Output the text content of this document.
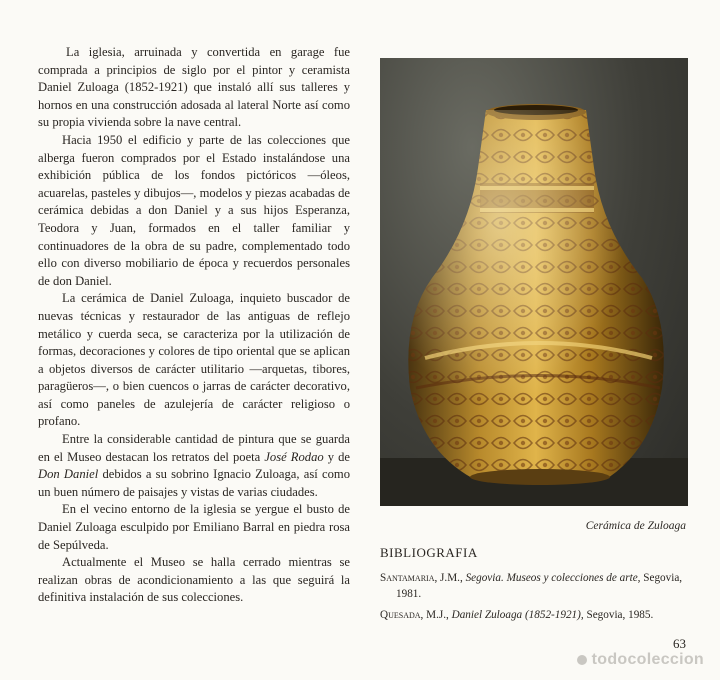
La iglesia, arruinada y convertida en garage fue comprada a principios de siglo por el pintor y ceramista Daniel Zuloaga (1852-1921) que instaló allí sus talleres y hornos en una construcción adosada al lateral Norte así como su propia vivienda sobre la nave central.

Hacia 1950 el edificio y parte de las colecciones que alberga fueron comprados por el Estado instalándose una exhibición pública de los fondos pictóricos —óleos, acuarelas, pasteles y dibujos—, modelos y piezas acabadas de cerámica debidas a don Daniel y a sus hijos Esperanza, Teodora y Juan, formados en el taller familiar y continuadores de la obra de su padre, complementado todo ello con diverso mobiliario de época y recuerdos personales de don Daniel.

La cerámica de Daniel Zuloaga, inquieto buscador de nuevas técnicas y restaurador de las antiguas de reflejo metálico y cuerda seca, se caracteriza por la utilización de formas, decoraciones y colores de tipo oriental que se aplican a objetos diversos de carácter utilitario —arquetas, tibores, paragüeros—, o bien cuencos o jarras de carácter decorativo, así como paneles de azulejería de carácter religioso o profano.

Entre la considerable cantidad de pintura que se guarda en el Museo destacan los retratos del poeta José Rodao y de Don Daniel debidos a su sobrino Ignacio Zuloaga, así como un buen número de paisajes y vistas de varias ciudades.

En el vecino entorno de la iglesia se yergue el busto de Daniel Zuloaga esculpido por Emiliano Barral en piedra rosa de Sepúlveda.

Actualmente el Museo se halla cerrado mientras se realizan obras de acondicionamiento a las que seguirá la definitiva instalación de sus colecciones.

Cerámica de Zuloaga
BIBLIOGRAFIA

Santamaria, J.M., Segovia. Museos y colecciones de arte, Segovia, 1981.

Quesada, M.J., Daniel Zuloaga (1852-1921), Segovia, 1985.

63
todocoleccion
